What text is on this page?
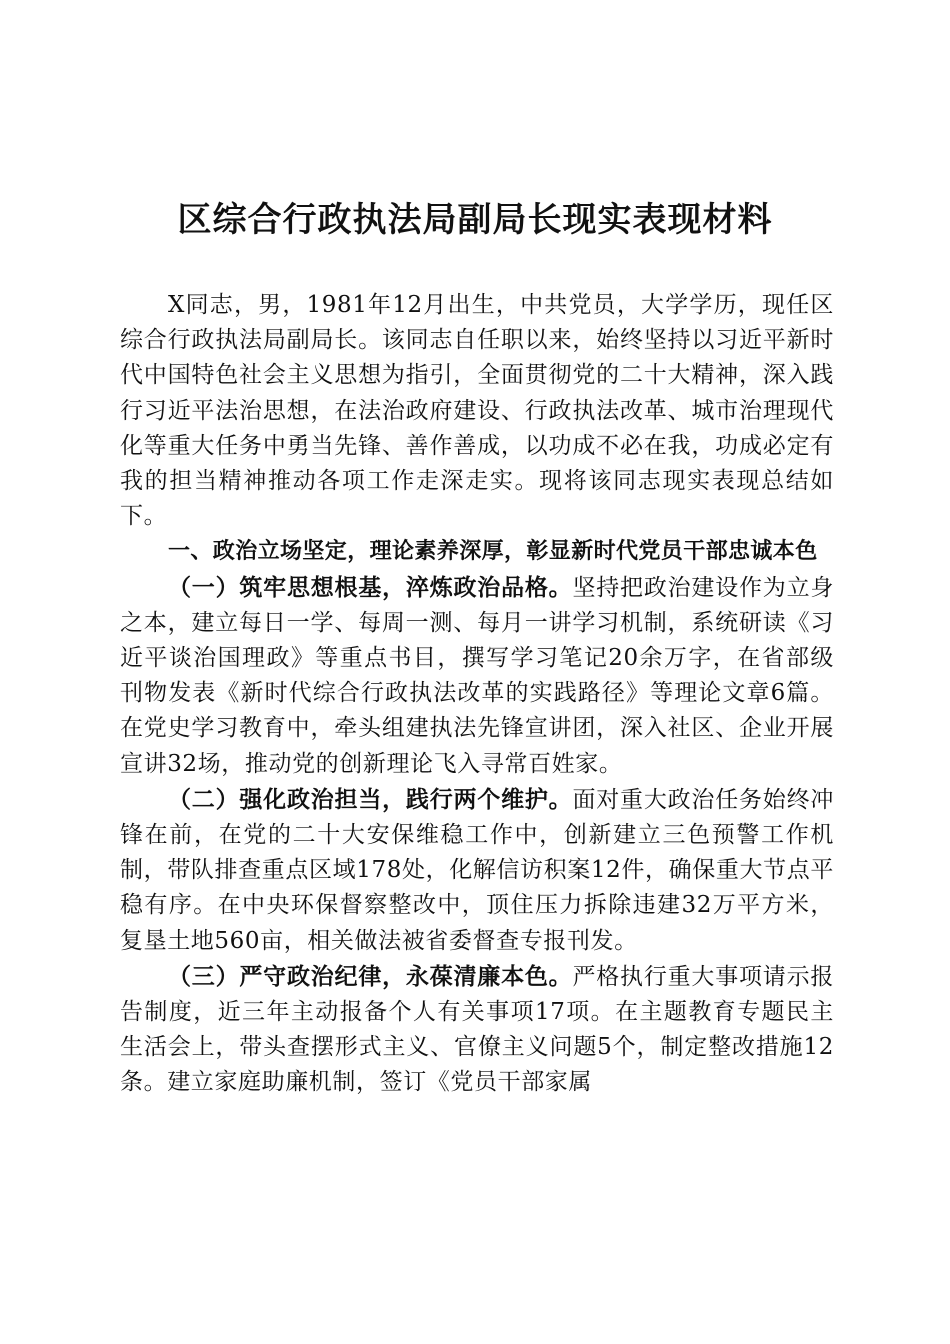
区综合行政执法局副局长现实表现材料

X同志，男，1981年12月出生，中共党员，大学学历，现任区综合行政执法局副局长。该同志自任职以来，始终坚持以习近平新时代中国特色社会主义思想为指引，全面贯彻党的二十大精神，深入践行习近平法治思想，在法治政府建设、行政执法改革、城市治理现代化等重大任务中勇当先锋、善作善成，以功成不必在我，功成必定有我的担当精神推动各项工作走深走实。现将该同志现实表现总结如下。

一、政治立场坚定，理论素养深厚，彰显新时代党员干部忠诚本色

（一）筑牢思想根基，淬炼政治品格。坚持把政治建设作为立身之本，建立每日一学、每周一测、每月一讲学习机制，系统研读《习近平谈治国理政》等重点书目，撰写学习笔记20余万字，在省部级刊物发表《新时代综合行政执法改革的实践路径》等理论文章6篇。在党史学习教育中，牵头组建执法先锋宣讲团，深入社区、企业开展宣讲32场，推动党的创新理论飞入寻常百姓家。

（二）强化政治担当，践行两个维护。面对重大政治任务始终冲锋在前，在党的二十大安保维稳工作中，创新建立三色预警工作机制，带队排查重点区域178处，化解信访积案12件，确保重大节点平稳有序。在中央环保督察整改中，顶住压力拆除违建32万平方米，复垦土地560亩，相关做法被省委督查专报刊发。

（三）严守政治纪律，永葆清廉本色。严格执行重大事项请示报告制度，近三年主动报备个人有关事项17项。在主题教育专题民主生活会上，带头查摆形式主义、官僚主义问题5个，制定整改措施12条。建立家庭助廉机制，签订《党员干部家属
